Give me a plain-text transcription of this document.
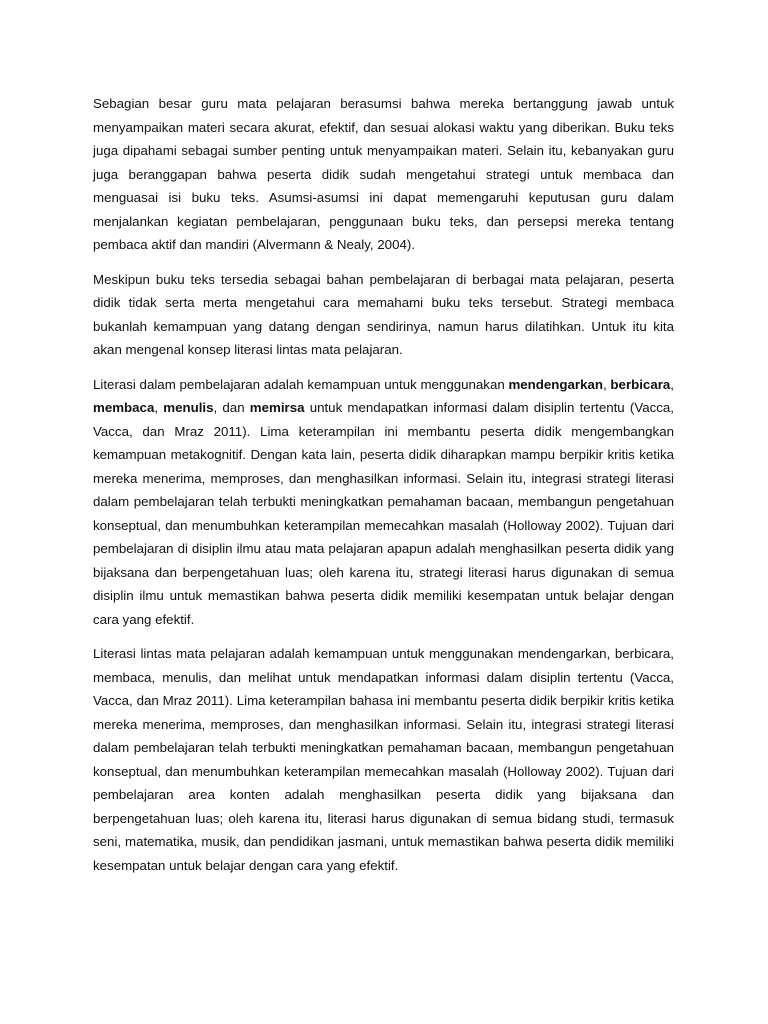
Sebagian besar guru mata pelajaran berasumsi bahwa mereka bertanggung jawab untuk menyampaikan materi secara akurat, efektif, dan sesuai alokasi waktu yang diberikan. Buku teks juga dipahami sebagai sumber penting untuk menyampaikan materi. Selain itu, kebanyakan guru juga beranggapan bahwa peserta didik sudah mengetahui strategi untuk membaca dan menguasai isi buku teks. Asumsi-asumsi ini dapat memengaruhi keputusan guru dalam menjalankan kegiatan pembelajaran, penggunaan buku teks, dan persepsi mereka tentang pembaca aktif dan mandiri (Alvermann & Nealy, 2004).

Meskipun buku teks tersedia sebagai bahan pembelajaran di berbagai mata pelajaran, peserta didik tidak serta merta mengetahui cara memahami buku teks tersebut. Strategi membaca bukanlah kemampuan yang datang dengan sendirinya, namun harus dilatihkan. Untuk itu kita akan mengenal konsep literasi lintas mata pelajaran.

Literasi dalam pembelajaran adalah kemampuan untuk menggunakan mendengarkan, berbicara, membaca, menulis, dan memirsa untuk mendapatkan informasi dalam disiplin tertentu (Vacca, Vacca, dan Mraz 2011). Lima keterampilan ini membantu peserta didik mengembangkan kemampuan metakognitif. Dengan kata lain, peserta didik diharapkan mampu berpikir kritis ketika mereka menerima, memproses, dan menghasilkan informasi. Selain itu, integrasi strategi literasi dalam pembelajaran telah terbukti meningkatkan pemahaman bacaan, membangun pengetahuan konseptual, dan menumbuhkan keterampilan memecahkan masalah (Holloway 2002). Tujuan dari pembelajaran di disiplin ilmu atau mata pelajaran apapun adalah menghasilkan peserta didik yang bijaksana dan berpengetahuan luas; oleh karena itu, strategi literasi harus digunakan di semua disiplin ilmu untuk memastikan bahwa peserta didik memiliki kesempatan untuk belajar dengan cara yang efektif.

Literasi lintas mata pelajaran adalah kemampuan untuk menggunakan mendengarkan, berbicara, membaca, menulis, dan melihat untuk mendapatkan informasi dalam disiplin tertentu (Vacca, Vacca, dan Mraz 2011). Lima keterampilan bahasa ini membantu peserta didik berpikir kritis ketika mereka menerima, memproses, dan menghasilkan informasi. Selain itu, integrasi strategi literasi dalam pembelajaran telah terbukti meningkatkan pemahaman bacaan, membangun pengetahuan konseptual, dan menumbuhkan keterampilan memecahkan masalah (Holloway 2002). Tujuan dari pembelajaran area konten adalah menghasilkan peserta didik yang bijaksana dan berpengetahuan luas; oleh karena itu, literasi harus digunakan di semua bidang studi, termasuk seni, matematika, musik, dan pendidikan jasmani, untuk memastikan bahwa peserta didik memiliki kesempatan untuk belajar dengan cara yang efektif.
